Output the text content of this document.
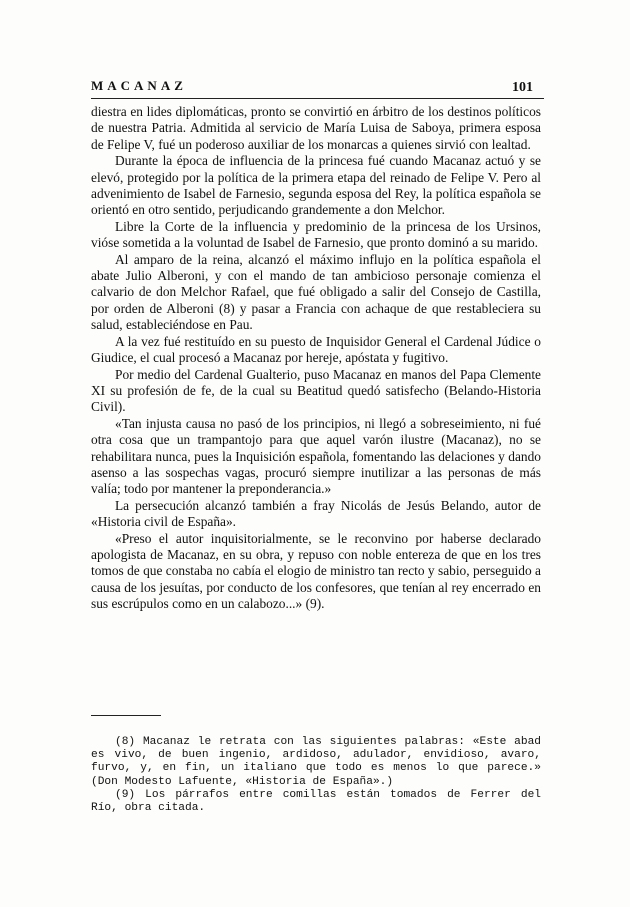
MACANAZ	101

diestra en lides diplomáticas, pronto se convirtió en árbitro de los destinos políticos de nuestra Patria. Admitida al servicio de María Luisa de Saboya, primera esposa de Felipe V, fué un poderoso auxiliar de los monarcas a quienes sirvió con lealtad.

Durante la época de influencia de la princesa fué cuando Macanaz actuó y se elevó, protegido por la política de la primera etapa del reinado de Felipe V. Pero al advenimiento de Isabel de Farnesio, segunda esposa del Rey, la política española se orientó en otro sentido, perjudicando grandemente a don Melchor.

Libre la Corte de la influencia y predominio de la princesa de los Ursinos, vióse sometida a la voluntad de Isabel de Farnesio, que pronto dominó a su marido.

Al amparo de la reina, alcanzó el máximo influjo en la política española el abate Julio Alberoni, y con el mando de tan ambicioso personaje comienza el calvario de don Melchor Rafael, que fué obligado a salir del Consejo de Castilla, por orden de Alberoni (8) y pasar a Francia con achaque de que restableciera su salud, estableciéndose en Pau.

A la vez fué restituído en su puesto de Inquisidor General el Cardenal Júdice o Giudice, el cual procesó a Macanaz por hereje, apóstata y fugitivo.

Por medio del Cardenal Gualterio, puso Macanaz en manos del Papa Clemente XI su profesión de fe, de la cual su Beatitud quedó satisfecho (Belando-Historia Civil).

«Tan injusta causa no pasó de los principios, ni llegó a sobreseimiento, ni fué otra cosa que un trampantojo para que aquel varón ilustre (Macanaz), no se rehabilitara nunca, pues la Inquisición española, fomentando las delaciones y dando asenso a las sospechas vagas, procuró siempre inutilizar a las personas de más valía; todo por mantener la preponderancia.»

La persecución alcanzó también a fray Nicolás de Jesús Belando, autor de «Historia civil de España».

«Preso el autor inquisitorialmente, se le reconvino por haberse declarado apologista de Macanaz, en su obra, y repuso con noble entereza de que en los tres tomos de que constaba no cabía el elogio de ministro tan recto y sabio, perseguido a causa de los jesuítas, por conducto de los confesores, que tenían al rey encerrado en sus escrúpulos como en un calabozo...» (9).

(8) Macanaz le retrata con las siguientes palabras: «Este abad es vivo, de buen ingenio, ardidoso, adulador, envidioso, avaro, furvo, y, en fin, un italiano que todo es menos lo que parece.» (Don Modesto Lafuente, «Historia de España».)

(9) Los párrafos entre comillas están tomados de Ferrer del Río, obra citada.
